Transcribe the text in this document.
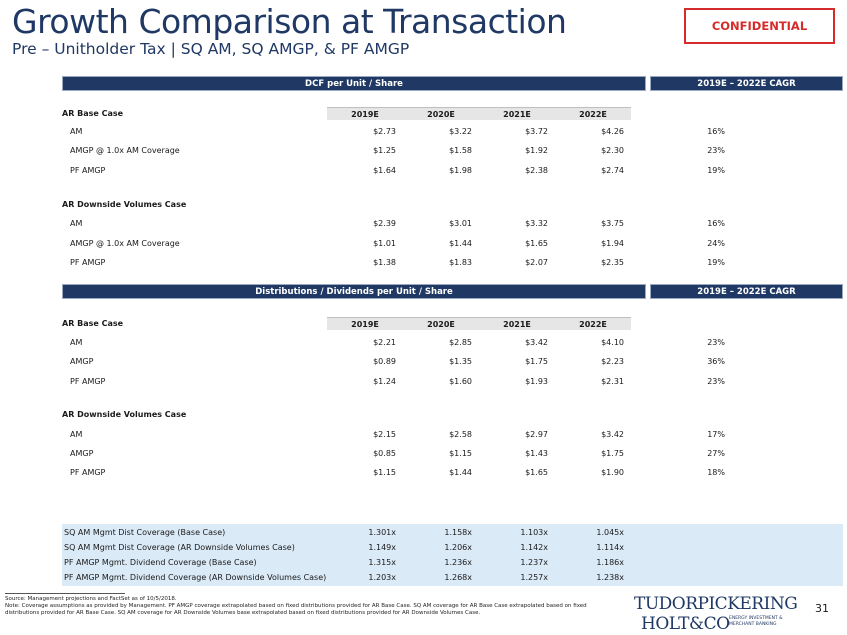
Growth Comparison at Transaction
Pre – Unitholder Tax | SQ AM, SQ AMGP, & PF AMGP
CONFIDENTIAL
DCF per Unit / Share	2019E – 2022E CAGR
AR Base Case	2019E	2020E	2021E	2022E
AM	$2.73	$3.22	$3.72	$4.26	16%
AMGP @ 1.0x AM Coverage	$1.25	$1.58	$1.92	$2.30	23%
PF AMGP	$1.64	$1.98	$2.38	$2.74	19%
AR Downside Volumes Case
AM	$2.39	$3.01	$3.32	$3.75	16%
AMGP @ 1.0x AM Coverage	$1.01	$1.44	$1.65	$1.94	24%
PF AMGP	$1.38	$1.83	$2.07	$2.35	19%
Distributions / Dividends per Unit / Share	2019E – 2022E CAGR
AR Base Case	2019E	2020E	2021E	2022E
AM	$2.21	$2.85	$3.42	$4.10	23%
AMGP	$0.89	$1.35	$1.75	$2.23	36%
PF AMGP	$1.24	$1.60	$1.93	$2.31	23%
AR Downside Volumes Case
AM	$2.15	$2.58	$2.97	$3.42	17%
AMGP	$0.85	$1.15	$1.43	$1.75	27%
PF AMGP	$1.15	$1.44	$1.65	$1.90	18%
SQ AM Mgmt Dist Coverage (Base Case)	1.301x	1.158x	1.103x	1.045x
SQ AM Mgmt Dist Coverage (AR Downside Volumes Case)	1.149x	1.206x	1.142x	1.114x
PF AMGP Mgmt. Dividend Coverage (Base Case)	1.315x	1.236x	1.237x	1.186x
PF AMGP Mgmt. Dividend Coverage (AR Downside Volumes Case)	1.203x	1.268x	1.257x	1.238x
Source: Management projections and FactSet as of 10/5/2018.
Note: Coverage assumptions as provided by Management. PF AMGP coverage extrapolated based on fixed distributions provided for AR Base Case. SQ AM coverage for AR Base Case extrapolated based on fixed distributions provided for AR Base Case. SQ AM coverage for AR Downside Volumes base extrapolated based on fixed distributions provided for AR Downside Volumes Case.	TUDORPICKERING
HOLT&CO ENERGY INVESTMENT &
MERCHANT BANKING
31
